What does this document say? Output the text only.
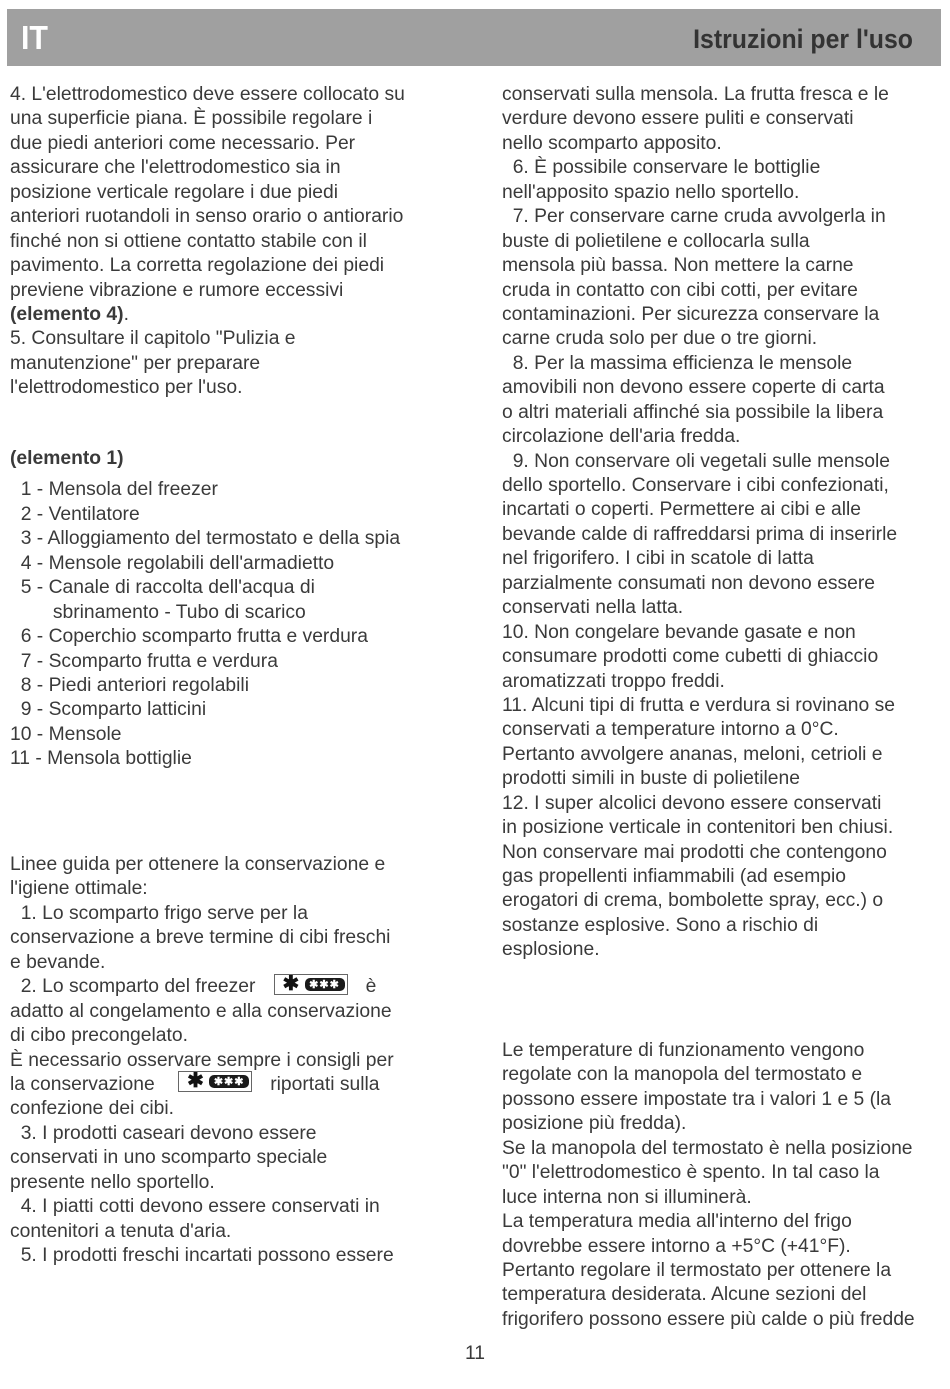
IT	Istruzioni per l'uso
4. L'elettrodomestico deve essere collocato su
una superficie piana. È possibile regolare i
due piedi anteriori come necessario. Per
assicurare che l'elettrodomestico sia in
posizione verticale regolare i due piedi
anteriori ruotandoli in senso orario o antiorario
finché non si ottiene contatto stabile con il
pavimento. La corretta regolazione dei piedi
previene vibrazione e rumore eccessivi
(elemento 4).
5. Consultare il capitolo "Pulizia e
manutenzione" per preparare
l'elettrodomestico per l'uso.
(elemento 1)
1 - Mensola del freezer
2 - Ventilatore
3 - Alloggiamento del termostato e della spia
4 - Mensole regolabili dell'armadietto
5 - Canale di raccolta dell'acqua di
sbrinamento - Tubo di scarico
6 - Coperchio scomparto frutta e verdura
7 - Scomparto frutta e verdura
8 - Piedi anteriori regolabili
9 - Scomparto latticini
10 - Mensole
11 - Mensola bottiglie
Linee guida per ottenere la conservazione e
l'igiene ottimale:
1. Lo scomparto frigo serve per la
conservazione a breve termine di cibi freschi
e bevande.
2. Lo scomparto del freezer ✱ ✱✱✱ è
adatto al congelamento e alla conservazione
di cibo precongelato.
È necessario osservare sempre i consigli per
la conservazione ✱ ✱✱✱ riportati sulla
confezione dei cibi.
3. I prodotti caseari devono essere
conservati in uno scomparto speciale
presente nello sportello.
4. I piatti cotti devono essere conservati in
contenitori a tenuta d'aria.
5. I prodotti freschi incartati possono essere
conservati sulla mensola. La frutta fresca e le
verdure devono essere puliti e conservati
nello scomparto apposito.
6. È possibile conservare le bottiglie
nell'apposito spazio nello sportello.
7. Per conservare carne cruda avvolgerla in
buste di polietilene e collocarla sulla
mensola più bassa. Non mettere la carne
cruda in contatto con cibi cotti, per evitare
contaminazioni. Per sicurezza conservare la
carne cruda solo per due o tre giorni.
8. Per la massima efficienza le mensole
amovibili non devono essere coperte di carta
o altri materiali affinché sia possibile la libera
circolazione dell'aria fredda.
9. Non conservare oli vegetali sulle mensole
dello sportello. Conservare i cibi confezionati,
incartati o coperti. Permettere ai cibi e alle
bevande calde di raffreddarsi prima di inserirle
nel frigorifero. I cibi in scatole di latta
parzialmente consumati non devono essere
conservati nella latta.
10. Non congelare bevande gasate e non
consumare prodotti come cubetti di ghiaccio
aromatizzati troppo freddi.
11. Alcuni tipi di frutta e verdura si rovinano se
conservati a temperature intorno a 0°C.
Pertanto avvolgere ananas, meloni, cetrioli e
prodotti simili in buste di polietilene
12. I super alcolici devono essere conservati
in posizione verticale in contenitori ben chiusi.
Non conservare mai prodotti che contengono
gas propellenti infiammabili (ad esempio
erogatori di crema, bombolette spray, ecc.) o
sostanze esplosive. Sono a rischio di
esplosione.
Le temperature di funzionamento vengono
regolate con la manopola del termostato e
possono essere impostate tra i valori 1 e 5 (la
posizione più fredda).
Se la manopola del termostato è nella posizione
"0" l'elettrodomestico è spento. In tal caso la
luce interna non si illuminerà.
La temperatura media all'interno del frigo
dovrebbe essere intorno a +5°C (+41°F).
Pertanto regolare il termostato per ottenere la
temperatura desiderata. Alcune sezioni del
frigorifero possono essere più calde o più fredde
11
